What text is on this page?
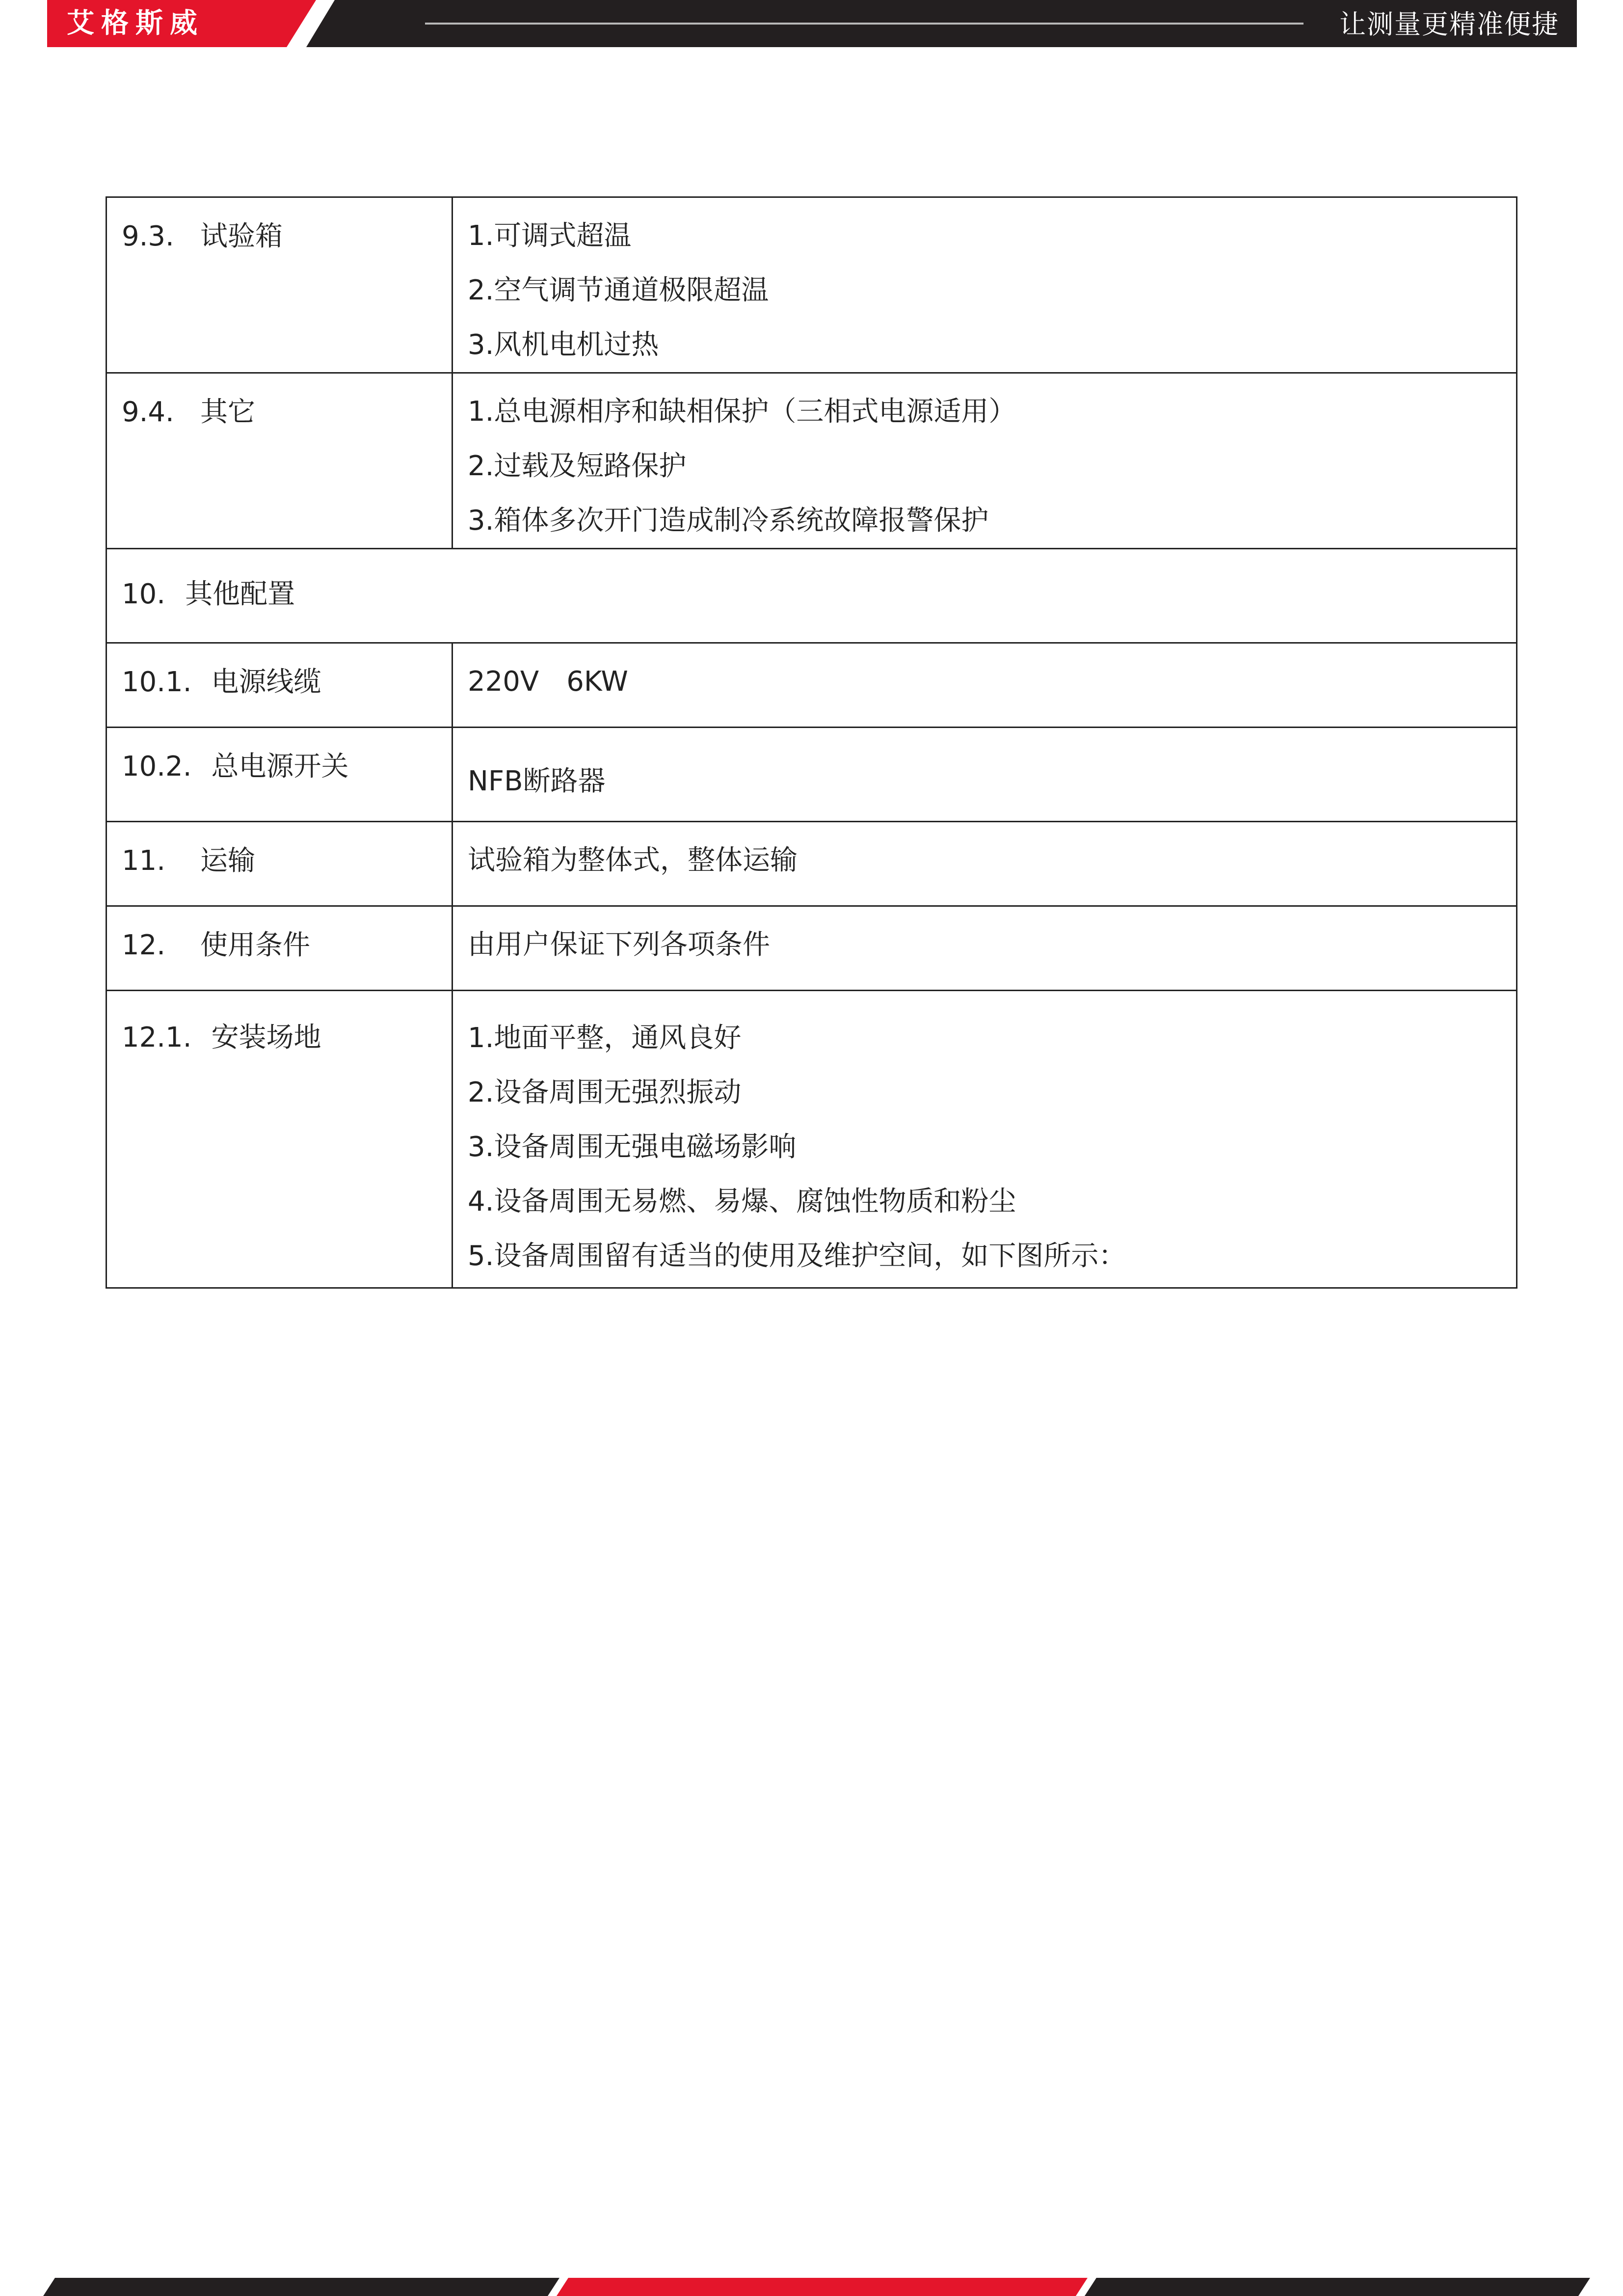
艾格斯威	让测量更精准便捷
9.3. 试验箱	1.可调式超温
2.空气调节通道极限超温
3.风机电机过热

9.4. 其它	1.总电源相序和缺相保护（三相式电源适用）
2.过载及短路保护
3.箱体多次开门造成制冷系统故障报警保护

10. 其他配置	

10.1. 电源线缆	220V　6KW

10.2. 总电源开关	NFB断路器

11. 运输	试验箱为整体式，整体运输

12. 使用条件	由用户保证下列各项条件

12.1. 安装场地	1.地面平整，通风良好
2.设备周围无强烈振动
3.设备周围无强电磁场影响
4.设备周围无易燃、易爆、腐蚀性物质和粉尘
5.设备周围留有适当的使用及维护空间，如下图所示：
